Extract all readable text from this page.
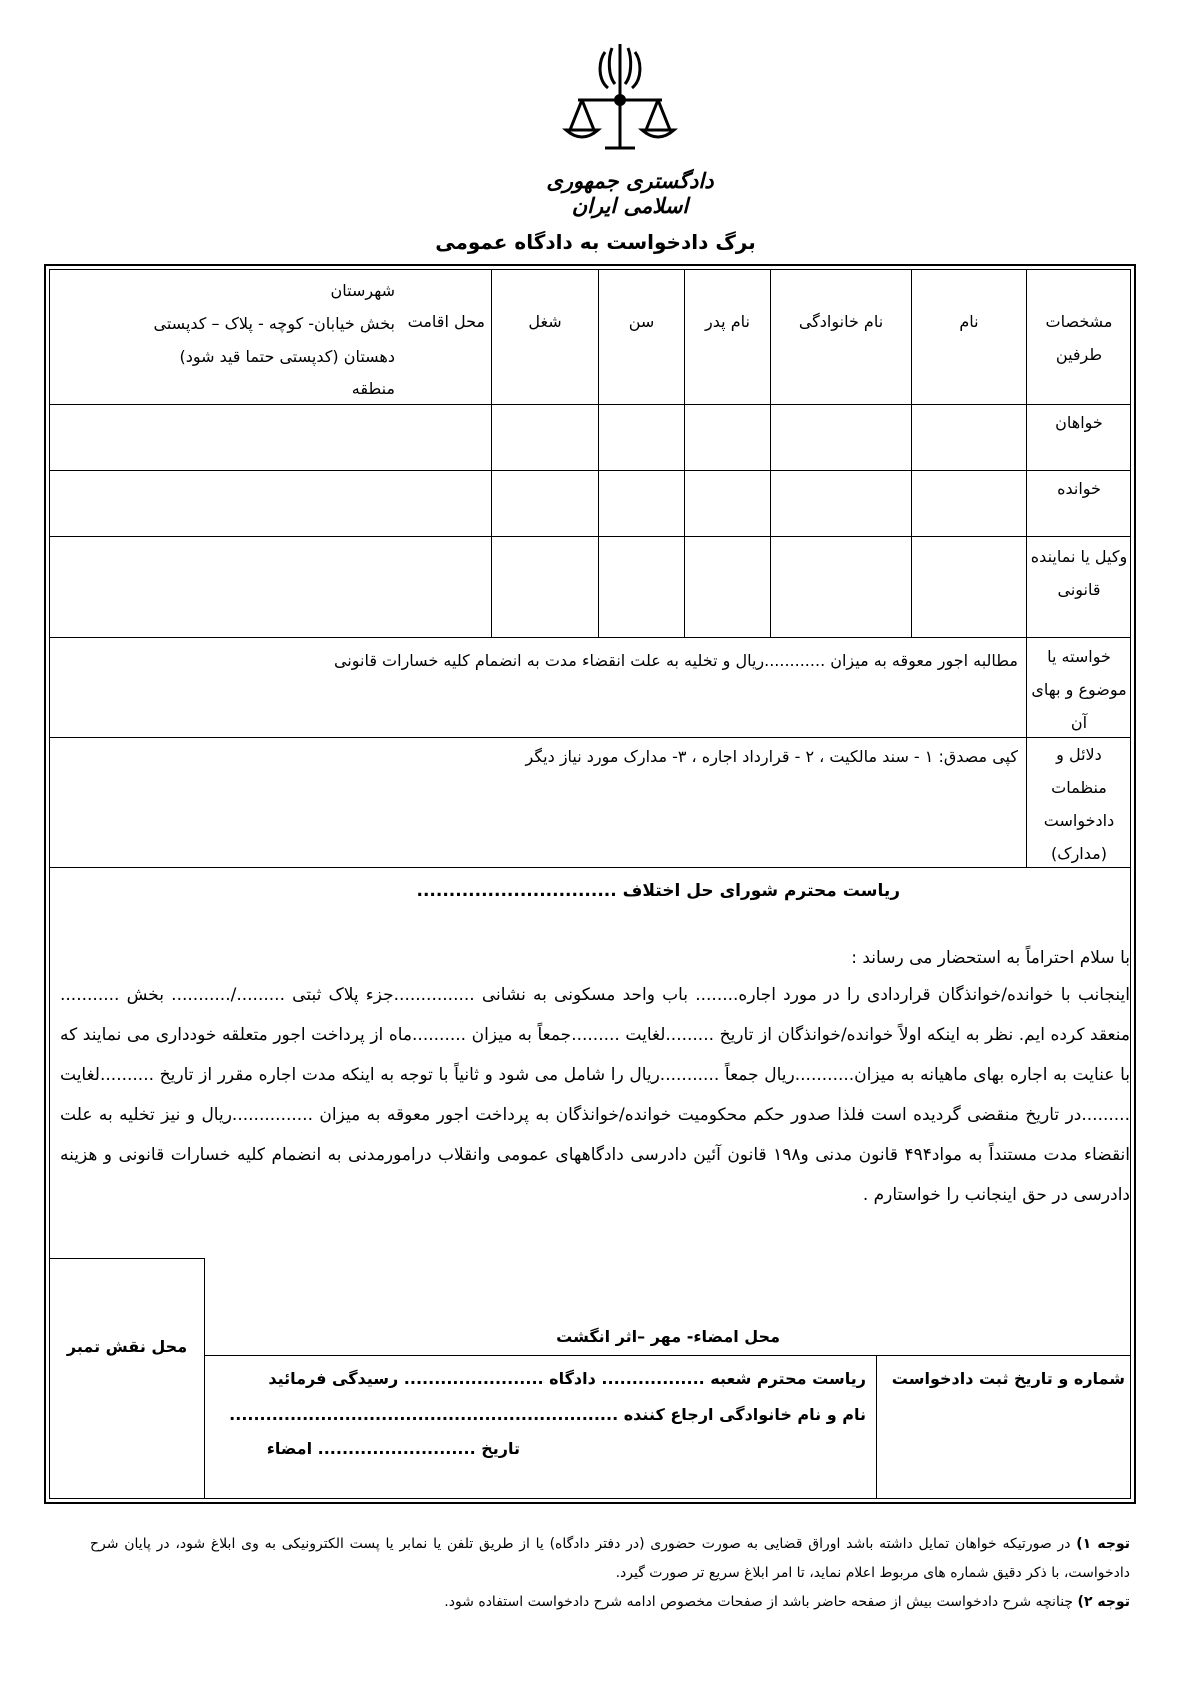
دادگستری جمهوری اسلامی ایران
برگ دادخواست به دادگاه عمومی
مشخصات طرفین
نام
نام خانوادگی
نام پدر
سن
شغل
محل اقامت
شهرستان
بخش خیابان- کوچه - پلاک – کدپستی
دهستان (کدپستی حتما قید شود)
منطقه
خواهان
خوانده
وکیل یا نماینده قانونی
خواسته یا موضوع و بهای آن
مطالبه اجور معوقه به میزان ............ریال و تخلیه به علت انقضاء مدت به انضمام کلیه خسارات قانونی
دلائل و منظمات دادخواست (مدارک)
کپی مصدق: ۱ - سند مالکیت ، ۲ - قرارداد اجاره ، ۳- مدارک مورد نیاز دیگر
ریاست محترم شورای حل اختلاف ...............................
با سلام احتراماً به استحضار می رساند :
اینجانب با خوانده/خوانذگان قراردادی را در مورد اجاره........ باب واحد مسکونی به نشانی ...............جزء پلاک ثبتی ........./........... بخش ........... منعقد کرده ایم. نظر به اینکه اولاً خوانده/خوانذگان از تاریخ .........لغایت .........جمعاً به میزان ..........ماه از پرداخت اجور متعلقه خودداری می نمایند که با عنایت به اجاره بهای ماهیانه به میزان...........ریال جمعاً ...........ریال را شامل می شود و ثانیاً با توجه به اینکه مدت اجاره مقرر از تاریخ ..........لغایت .........در تاریخ منقضی گردیده است فلذا صدور حکم محکومیت خوانده/خوانذگان به پرداخت اجور معوقه به میزان ...............ریال و نیز تخلیه به علت انقضاء مدت مستنداً به مواد۴۹۴ قانون مدنی و۱۹۸ قانون آئین دادرسی دادگاههای عمومی وانقلاب درامورمدنی به انضمام کلیه خسارات قانونی و هزینه دادرسی در حق اینجانب را خواستارم .
محل نقش تمبر
محل امضاء- مهر –اثر انگشت
شماره و تاریخ ثبت دادخواست
ریاست محترم شعبه ................. دادگاه ....................... رسیدگی فرمائید
نام و نام خانوادگی ارجاع کننده ................................................................
تاریخ .......................... امضاء
توجه ۱) در صورتیکه خواهان تمایل داشته باشد اوراق قضایی به صورت حضوری (در دفتر دادگاه) یا از طریق تلفن یا نمابر یا پست الکترونیکی به وی ابلاغ شود، در پایان شرح دادخواست، با ذکر دقیق شماره های مربوط اعلام نماید، تا امر ابلاغ سریع تر صورت گیرد.
توجه ۲) چنانچه شرح دادخواست بیش از صفحه حاضر باشد از صفحات مخصوص ادامه شرح دادخواست استفاده شود.
